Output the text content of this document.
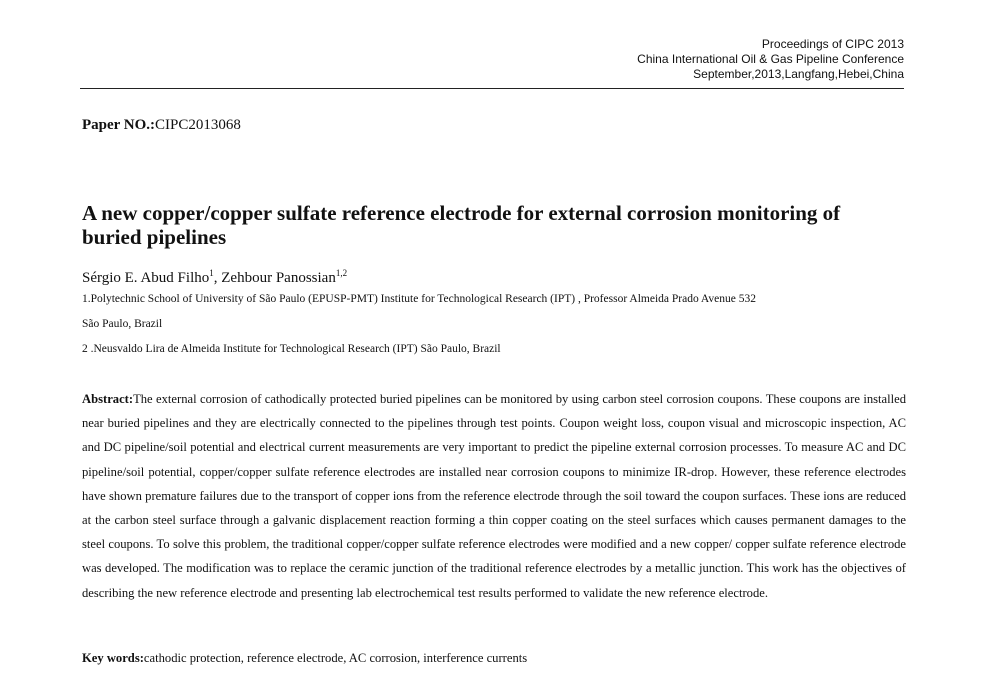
Proceedings of CIPC 2013
China International Oil & Gas Pipeline Conference
September,2013,Langfang,Hebei,China
Paper NO.:CIPC2013068
A new copper/copper sulfate reference electrode for external corrosion monitoring of buried pipelines
Sérgio E. Abud Filho$^1$, Zehbour Panossian$^{1,2}$
1.Polytechnic School of University of São Paulo (EPUSP-PMT) Institute for Technological Research (IPT) , Professor Almeida Prado Avenue 532
São Paulo, Brazil
2 .Neusvaldo Lira de Almeida Institute for Technological Research (IPT) São Paulo, Brazil

Abstract:The external corrosion of cathodically protected buried pipelines can be monitored by using carbon steel corrosion coupons. These coupons are installed near buried pipelines and they are electrically connected to the pipelines through test points. Coupon weight loss, coupon visual and microscopic inspection, AC and DC pipeline/soil potential and electrical current measurements are very important to predict the pipeline external corrosion processes. To measure AC and DC pipeline/soil potential, copper/copper sulfate reference electrodes are installed near corrosion coupons to minimize IR-drop. However, these reference electrodes have shown premature failures due to the transport of copper ions from the reference electrode through the soil toward the coupon surfaces. These ions are reduced at the carbon steel surface through a galvanic displacement reaction forming a thin copper coating on the steel surfaces which causes permanent damages to the steel coupons. To solve this problem, the traditional copper/copper sulfate reference electrodes were modified and a new copper/ copper sulfate reference electrode was developed. The modification was to replace the ceramic junction of the traditional reference electrodes by a metallic junction. This work has the objectives of describing the new reference electrode and presenting lab electrochemical test results performed to validate the new reference electrode.

Key words:cathodic protection, reference electrode, AC corrosion, interference currents
